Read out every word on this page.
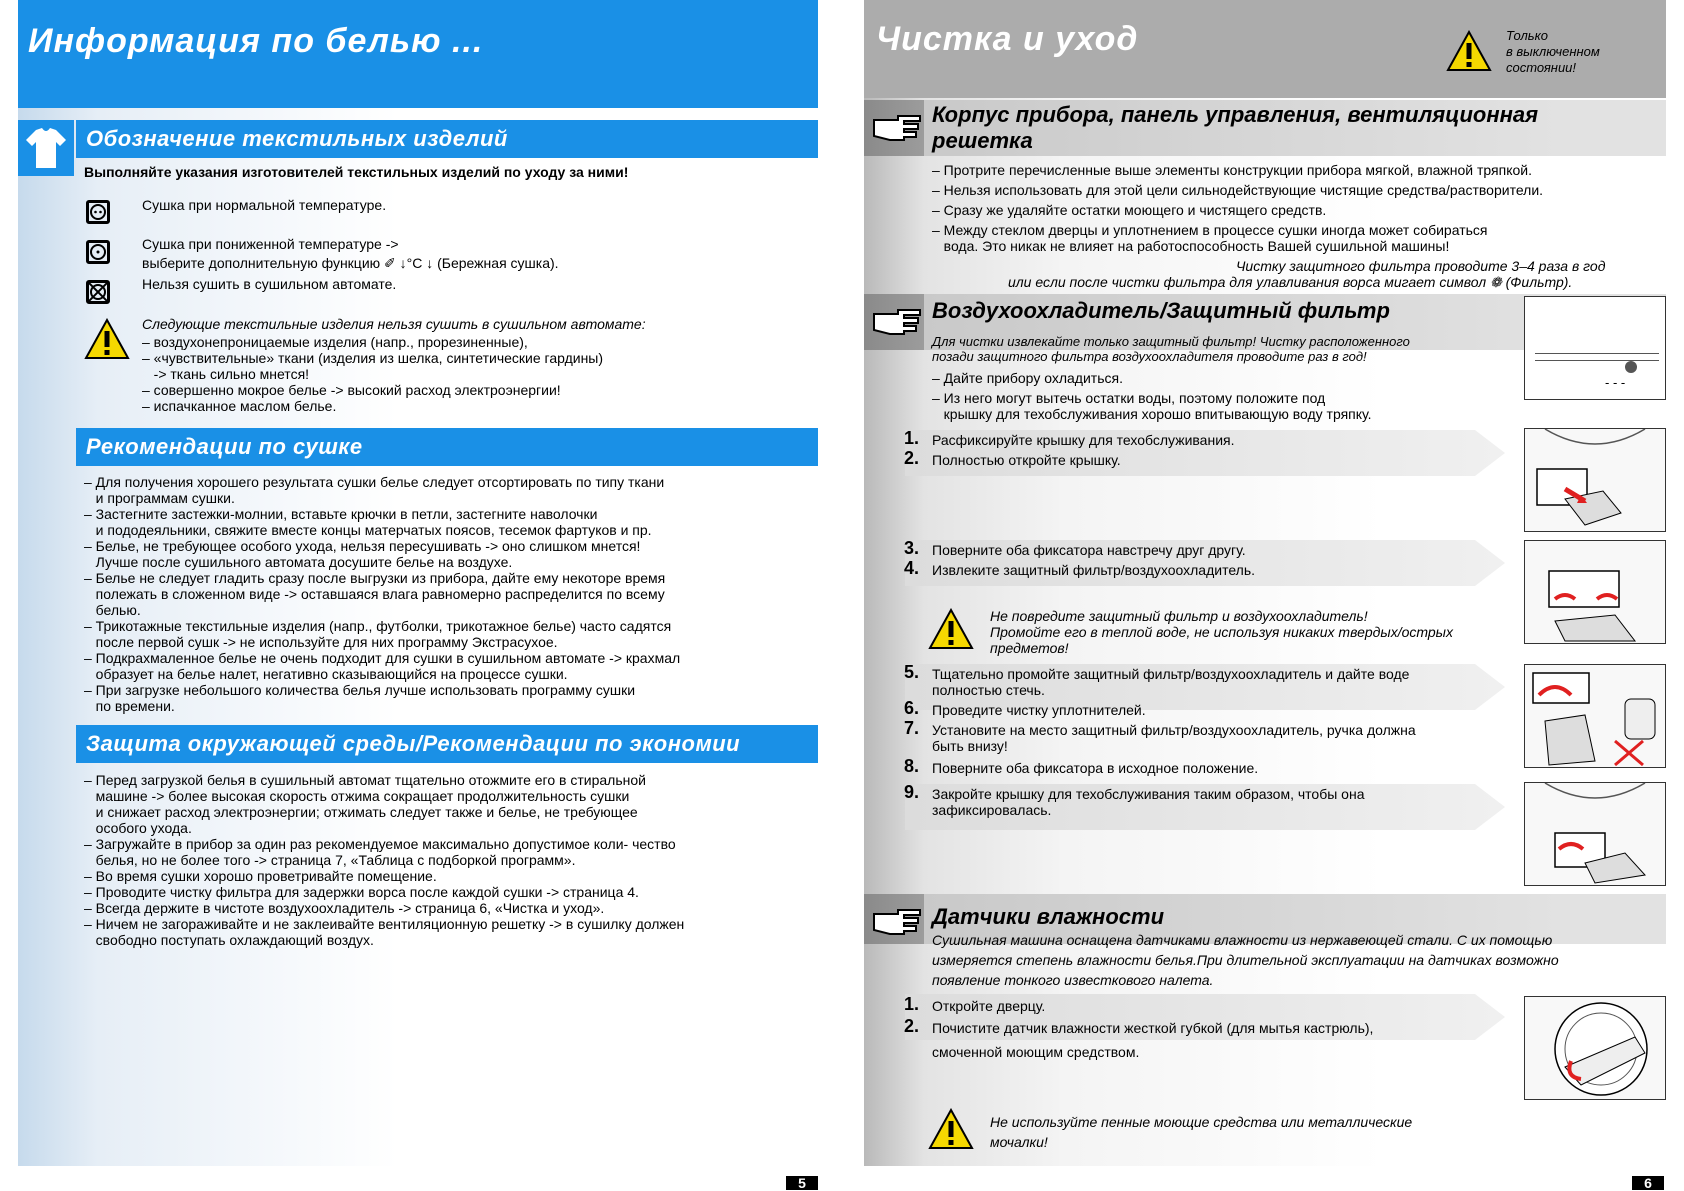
Информация по белью ...
Обозначение текстильных изделий
Выполняйте указания изготовителей текстильных изделий по уходу за ними!
Сушка при нормальной температуре.
Сушка при пониженной температуре ->
выберите дополнительную функцию ✐ ↓°C ↓ (Бережная сушка).
Нельзя сушить в сушильном автомате.
Следующие текстильные изделия нельзя сушить в сушильном автомате:
– воздухонепроницаемые изделия (напр., прорезиненные),
– «чувствительные» ткани (изделия из шелка, синтетические гардины)
-> ткань сильно мнется!
– совершенно мокрое белье -> высокий расход электроэнергии!
– испачканное маслом белье.
Рекомендации по сушке
– Для получения хорошего результата сушки белье следует отсортировать по типу ткани
и программам сушки.
– Застегните застежки-молнии, вставьте крючки в петли, застегните наволочки
и пододеяльники, свяжите вместе концы матерчатых поясов, тесемок фартуков и пр.
– Белье, не требующее особого ухода, нельзя пересушивать -> оно слишком мнется!
Лучше после сушильного автомата досушите белье на воздухе.
– Белье не следует гладить сразу после выгрузки из прибора, дайте ему некоторе время
полежать в сложенном виде -> оставшаяся влага равномерно распределится по всему
белью.
– Трикотажные текстильные изделия (напр., футболки, трикотажное белье) часто садятся
после первой сушк -> не используйте для них программу Экстрасухое.
– Подкрахмаленное белье не очень подходит для сушки в сушильном автомате -> крахмал
образует на белье налет, негативно сказывающийся на процессе сушки.
– При загрузке небольшого количества белья лучше использовать программу сушки
по времени.
Защита окружающей среды/Рекомендации по экономии
– Перед загрузкой белья в сушильный автомат тщательно отожмите его в стиральной
машине -> более высокая скорость отжима сокращает продолжительность сушки
и снижает расход электроэнергии; отжимать следует также и белье, не требующее
особого ухода.
– Загружайте в прибор за один раз рекомендуемое максимально допустимое коли- чество
белья, но не более того -> страница 7, «Таблица с подборкой программ».
– Во время сушки хорошо проветривайте помещение.
– Проводите чистку фильтра для задержки ворса после каждой сушки -> страница 4.
– Всегда держите в чистоте воздухоохладитель -> страница 6, «Чистка и уход».
– Ничем не загораживайте и не заклеивайте вентиляционную решетку -> в сушилку должен
свободно поступать охлаждающий воздух.
5
Чистка и уход	Только
в выключенном
состоянии!
Корпус прибора, панель управления, вентиляционная
решетка
– Протрите перечисленные выше элементы конструкции прибора мягкой, влажной тряпкой.
– Нельзя использовать для этой цели сильнодействующие чистящие средства/растворители.
– Сразу же удаляйте остатки моющего и чистящего средств.
– Между стеклом дверцы и уплотнением в процессе сушки иногда может собираться
вода. Это никак не влияет на работоспособность Вашей сушильной машины!
Чистку защитного фильтра проводите 3–4 раза в год
или если после чистки фильтра для улавливания ворса мигает символ ❁ (Фильтр).
Воздухоохладитель/Защитный фильтр
- - -
Для чистки извлекайте только защитный фильтр! Чистку расположенного
позади защитного фильтра воздухоохладителя проводите раз в год!
– Дайте прибору охладиться.
– Из него могут вытечь остатки воды, поэтому положите под
крышку для техобслуживания хорошо впитывающую воду тряпку.
1. Расфиксируйте крышку для техобслуживания.
2. Полностью откройте крышку.
3. Поверните оба фиксатора навстречу друг другу.
4. Извлеките защитный фильтр/воздухоохладитель.
Не повредите защитный фильтр и воздухоохладитель!
Промойте его в теплой воде, не используя никаких твердых/острых
предметов!
5. Тщательно промойте защитный фильтр/воздухоохладитель и дайте воде
полностью стечь.
6. Проведите чистку уплотнителей.
7. Установите на место защитный фильтр/воздухоохладитель, ручка должна
быть внизу!
8. Поверните оба фиксатора в исходное положение.
9. Закройте крышку для техобслуживания таким образом, чтобы она
зафиксировалась.
Датчики влажности
Сушильная машина оснащена датчиками влажности из нержавеющей стали. С их помощью
измеряется степень влажности белья.При длительной эксплуатации на датчиках возможно
появление тонкого известкового налета.
1. Откройте дверцу.
2. Почистите датчик влажности жесткой губкой (для мытья кастрюль),
смоченной моющим средством.
Не используйте пенные моющие средства или металлические
мочалки!
6
